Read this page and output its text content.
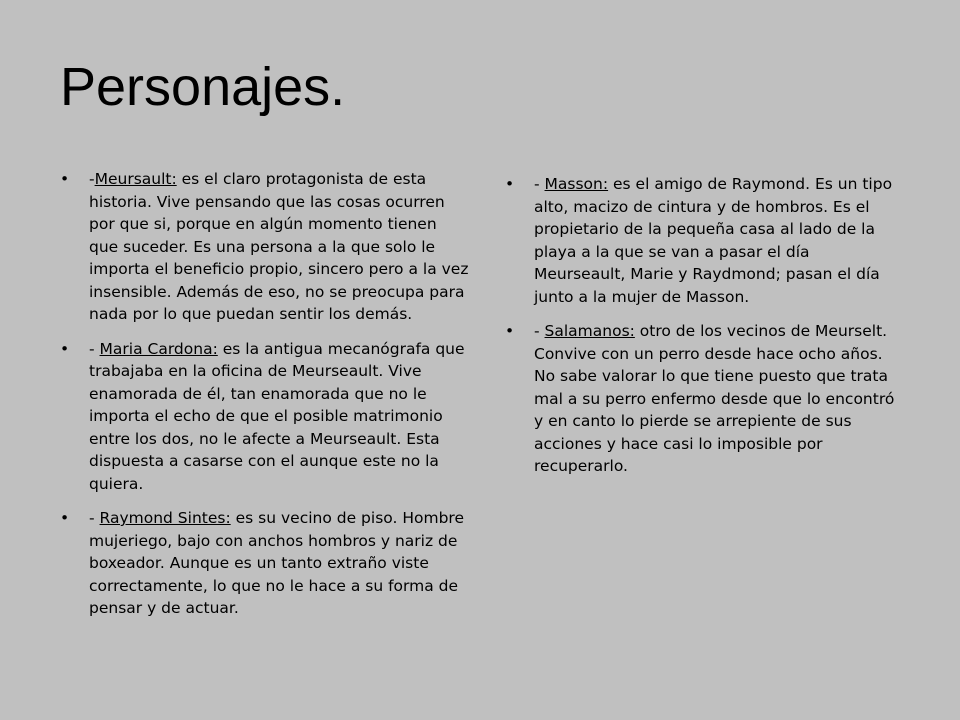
Personajes.
• -Meursault: es el claro protagonista de esta historia. Vive pensando que las cosas ocurren por que si, porque en algún momento tienen que suceder. Es una persona a la que solo le importa el beneficio propio, sincero pero a la vez insensible. Además de eso, no se preocupa para nada por lo que puedan sentir los demás.
• - Maria Cardona: es la antigua mecanógrafa que trabajaba en la oficina de Meurseault. Vive enamorada de él, tan enamorada que no le importa el echo de que el posible matrimonio entre los dos, no le afecte a Meurseault. Esta dispuesta a casarse con el aunque este no la quiera.
• - Raymond Sintes: es su vecino de piso. Hombre mujeriego, bajo con anchos hombros y nariz de boxeador. Aunque es un tanto extraño viste correctamente, lo que no le hace a su forma de pensar y de actuar.
• - Masson: es el amigo de Raymond. Es un tipo alto, macizo de cintura y de hombros. Es el propietario de la pequeña casa al lado de la playa a la que se van a pasar el día Meurseault, Marie y Raydmond; pasan el día junto a la mujer de Masson.
• - Salamanos: otro de los vecinos de Meurselt. Convive con un perro desde hace ocho años. No sabe valorar lo que tiene puesto que trata mal a su perro enfermo desde que lo encontró y en canto lo pierde se arrepiente de sus acciones y hace casi lo imposible por recuperarlo.
